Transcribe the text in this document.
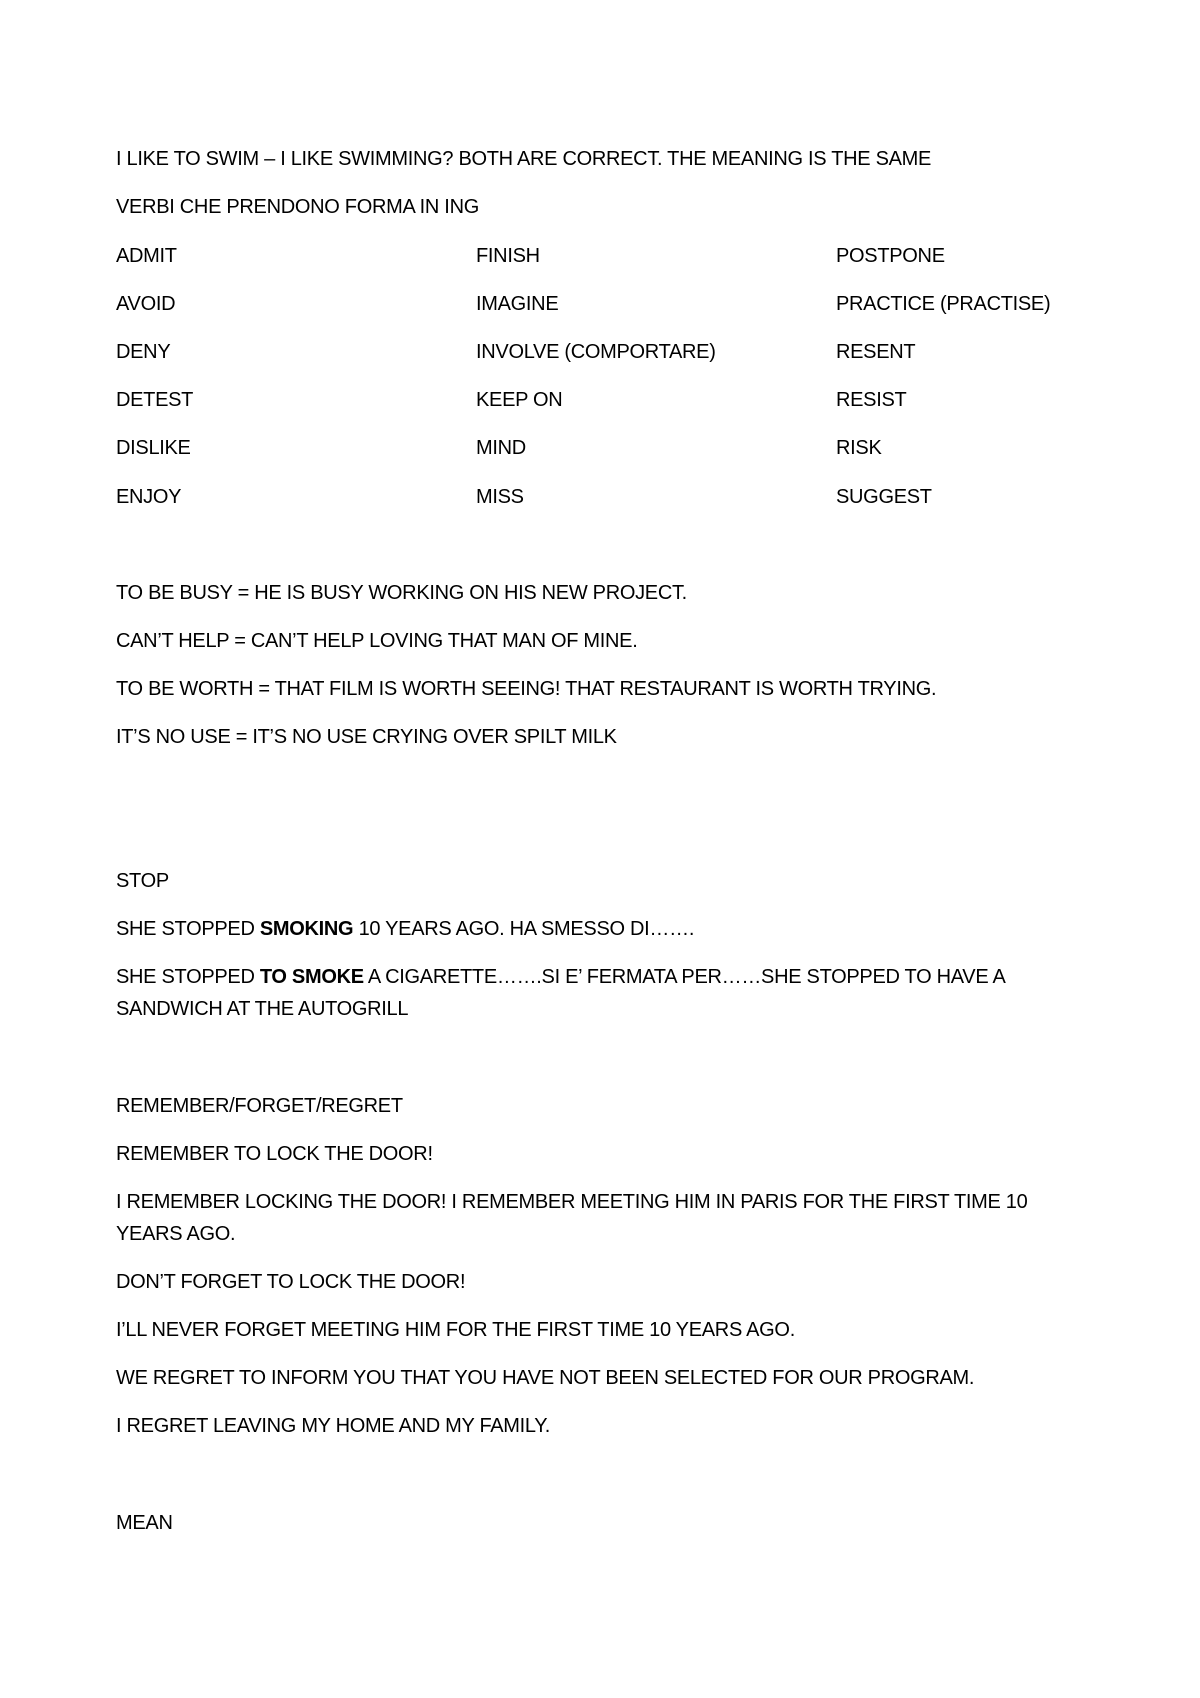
I LIKE TO SWIM – I LIKE SWIMMING? BOTH ARE CORRECT. THE MEANING IS THE SAME
VERBI CHE PRENDONO FORMA IN ING
ADMIT	FINISH	POSTPONE
AVOID	IMAGINE	PRACTICE (PRACTISE)
DENY	INVOLVE (COMPORTARE)	RESENT
DETEST	KEEP ON	RESIST
DISLIKE	MIND	RISK
ENJOY	MISS	SUGGEST
TO BE BUSY = HE IS BUSY WORKING ON HIS NEW PROJECT.
CAN’T HELP = CAN’T HELP LOVING THAT MAN OF MINE.
TO BE WORTH = THAT FILM IS WORTH SEEING! THAT RESTAURANT IS WORTH TRYING.
IT’S NO USE = IT’S NO USE CRYING OVER SPILT MILK
STOP
SHE STOPPED SMOKING 10 YEARS AGO. HA SMESSO DI…….
SHE STOPPED TO SMOKE A CIGARETTE…….SI E’ FERMATA PER……SHE STOPPED TO HAVE A SANDWICH AT THE AUTOGRILL
REMEMBER/FORGET/REGRET
REMEMBER TO LOCK THE DOOR!
I REMEMBER LOCKING THE DOOR! I REMEMBER MEETING HIM IN PARIS FOR THE FIRST TIME 10 YEARS AGO.
DON’T FORGET TO LOCK THE DOOR!
I’LL NEVER FORGET MEETING HIM FOR THE FIRST TIME 10 YEARS AGO.
WE REGRET TO INFORM YOU THAT YOU HAVE NOT BEEN SELECTED FOR OUR PROGRAM.
I REGRET LEAVING MY HOME AND MY FAMILY.
MEAN
